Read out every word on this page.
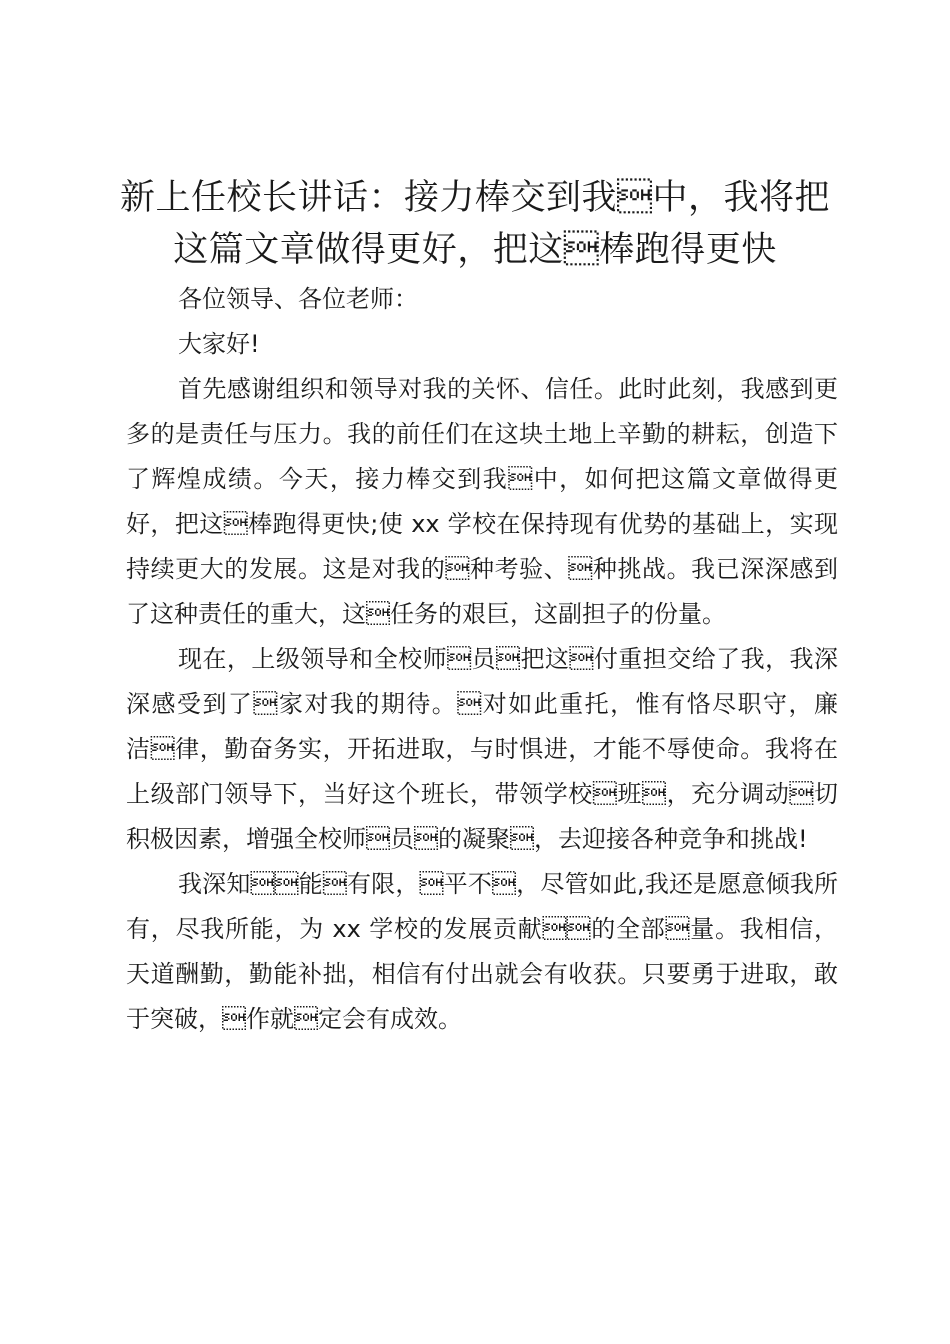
新上任校长讲话：接力棒交到我中，我将把
这篇文章做得更好，把这棒跑得更快

各位领导、各位老师：

大家好!

首先感谢组织和领导对我的关怀、信任。此时此刻，我感到更多的是责任与压力。我的前任们在这块土地上辛勤的耕耘，创造下了辉煌成绩。今天，接力棒交到我中，如何把这篇文章做得更好，把这棒跑得更快;使 xx 学校在保持现有优势的基础上，实现持续更大的发展。这是对我的种考验、种挑战。我已深深感到了这种责任的重大，这任务的艰巨，这副担子的份量。

现在，上级领导和全校师员把这付重担交给了我，我深深感受到了家对我的期待。对如此重托，惟有恪尽职守，廉洁律，勤奋务实，开拓进取，与时惧进，才能不辱使命。我将在上级部门领导下，当好这个班长，带领学校班，充分调动切积极因素，增强全校师员的凝聚，去迎接各种竞争和挑战!

我深知能有限，平不，尽管如此,我还是愿意倾我所有，尽我所能，为 xx 学校的发展贡献的全部量。我相信，天道酬勤，勤能补拙，相信有付出就会有收获。只要勇于进取，敢于突破，作就定会有成效。
